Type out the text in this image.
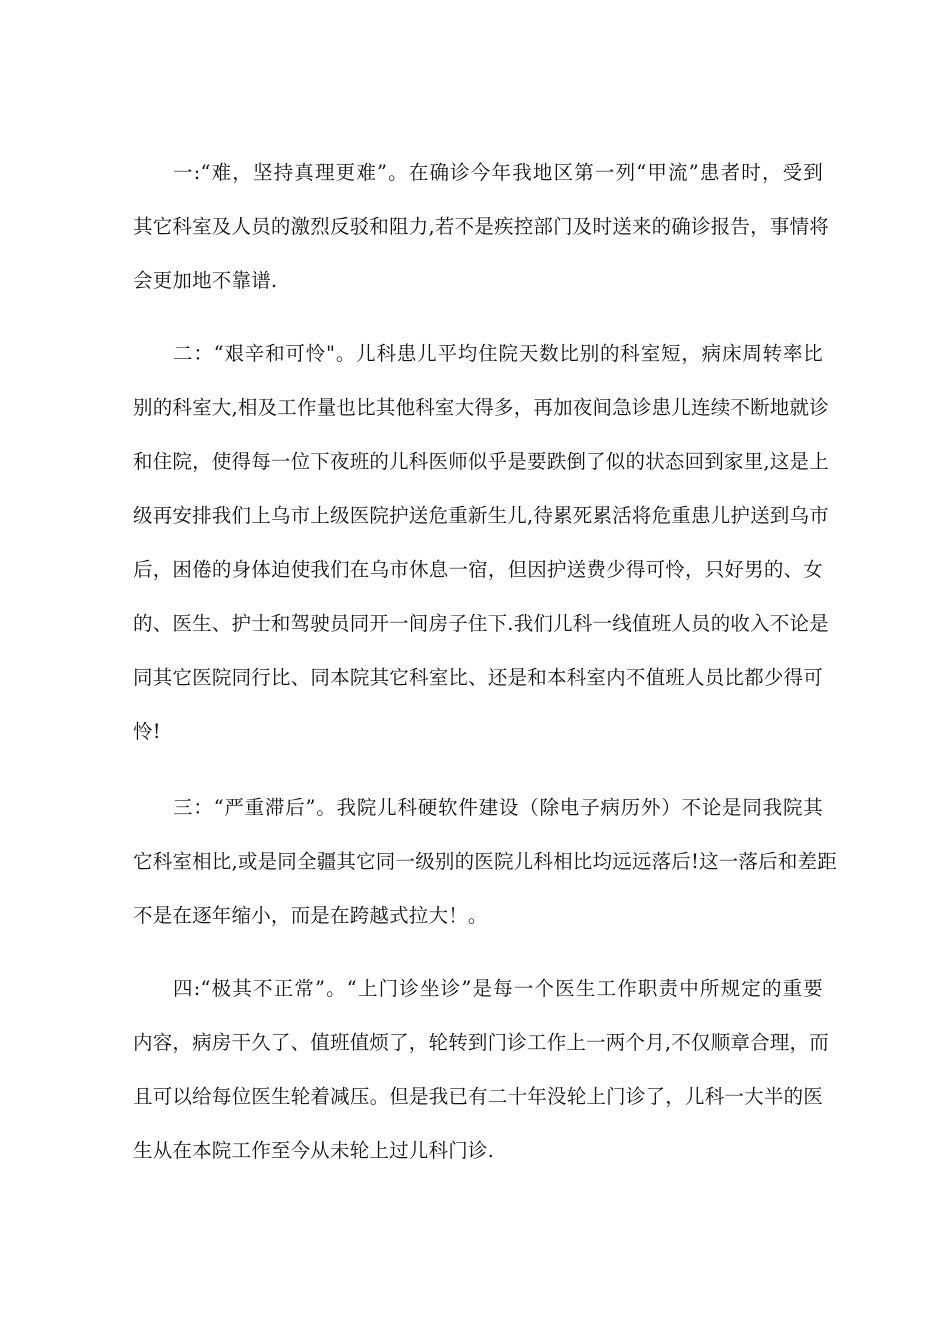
一:“难，坚持真理更难”。在确诊今年我地区第一列“甲流”患者时，受到
其它科室及人员的激烈反驳和阻力,若不是疾控部门及时送来的确诊报告，事情将
会更加地不靠谱.
二：“艰辛和可怜"。儿科患儿平均住院天数比别的科室短，病床周转率比
别的科室大,相及工作量也比其他科室大得多，再加夜间急诊患儿连续不断地就诊
和住院，使得每一位下夜班的儿科医师似乎是要跌倒了似的状态回到家里,这是上
级再安排我们上乌市上级医院护送危重新生儿,待累死累活将危重患儿护送到乌市
后，困倦的身体迫使我们在乌市休息一宿，但因护送费少得可怜，只好男的、女
的、医生、护士和驾驶员同开一间房子住下.我们儿科一线值班人员的收入不论是
同其它医院同行比、同本院其它科室比、还是和本科室内不值班人员比都少得可
怜!
三：“严重滞后”。我院儿科硬软件建设（除电子病历外）不论是同我院其
它科室相比,或是同全疆其它同一级别的医院儿科相比均远远落后!这一落后和差距
不是在逐年缩小，而是在跨越式拉大！。
四:“极其不正常”。“上门诊坐诊”是每一个医生工作职责中所规定的重要
内容，病房干久了、值班值烦了，轮转到门诊工作上一两个月,不仅顺章合理，而
且可以给每位医生轮着减压。但是我已有二十年没轮上门诊了，儿科一大半的医
生从在本院工作至今从未轮上过儿科门诊.
